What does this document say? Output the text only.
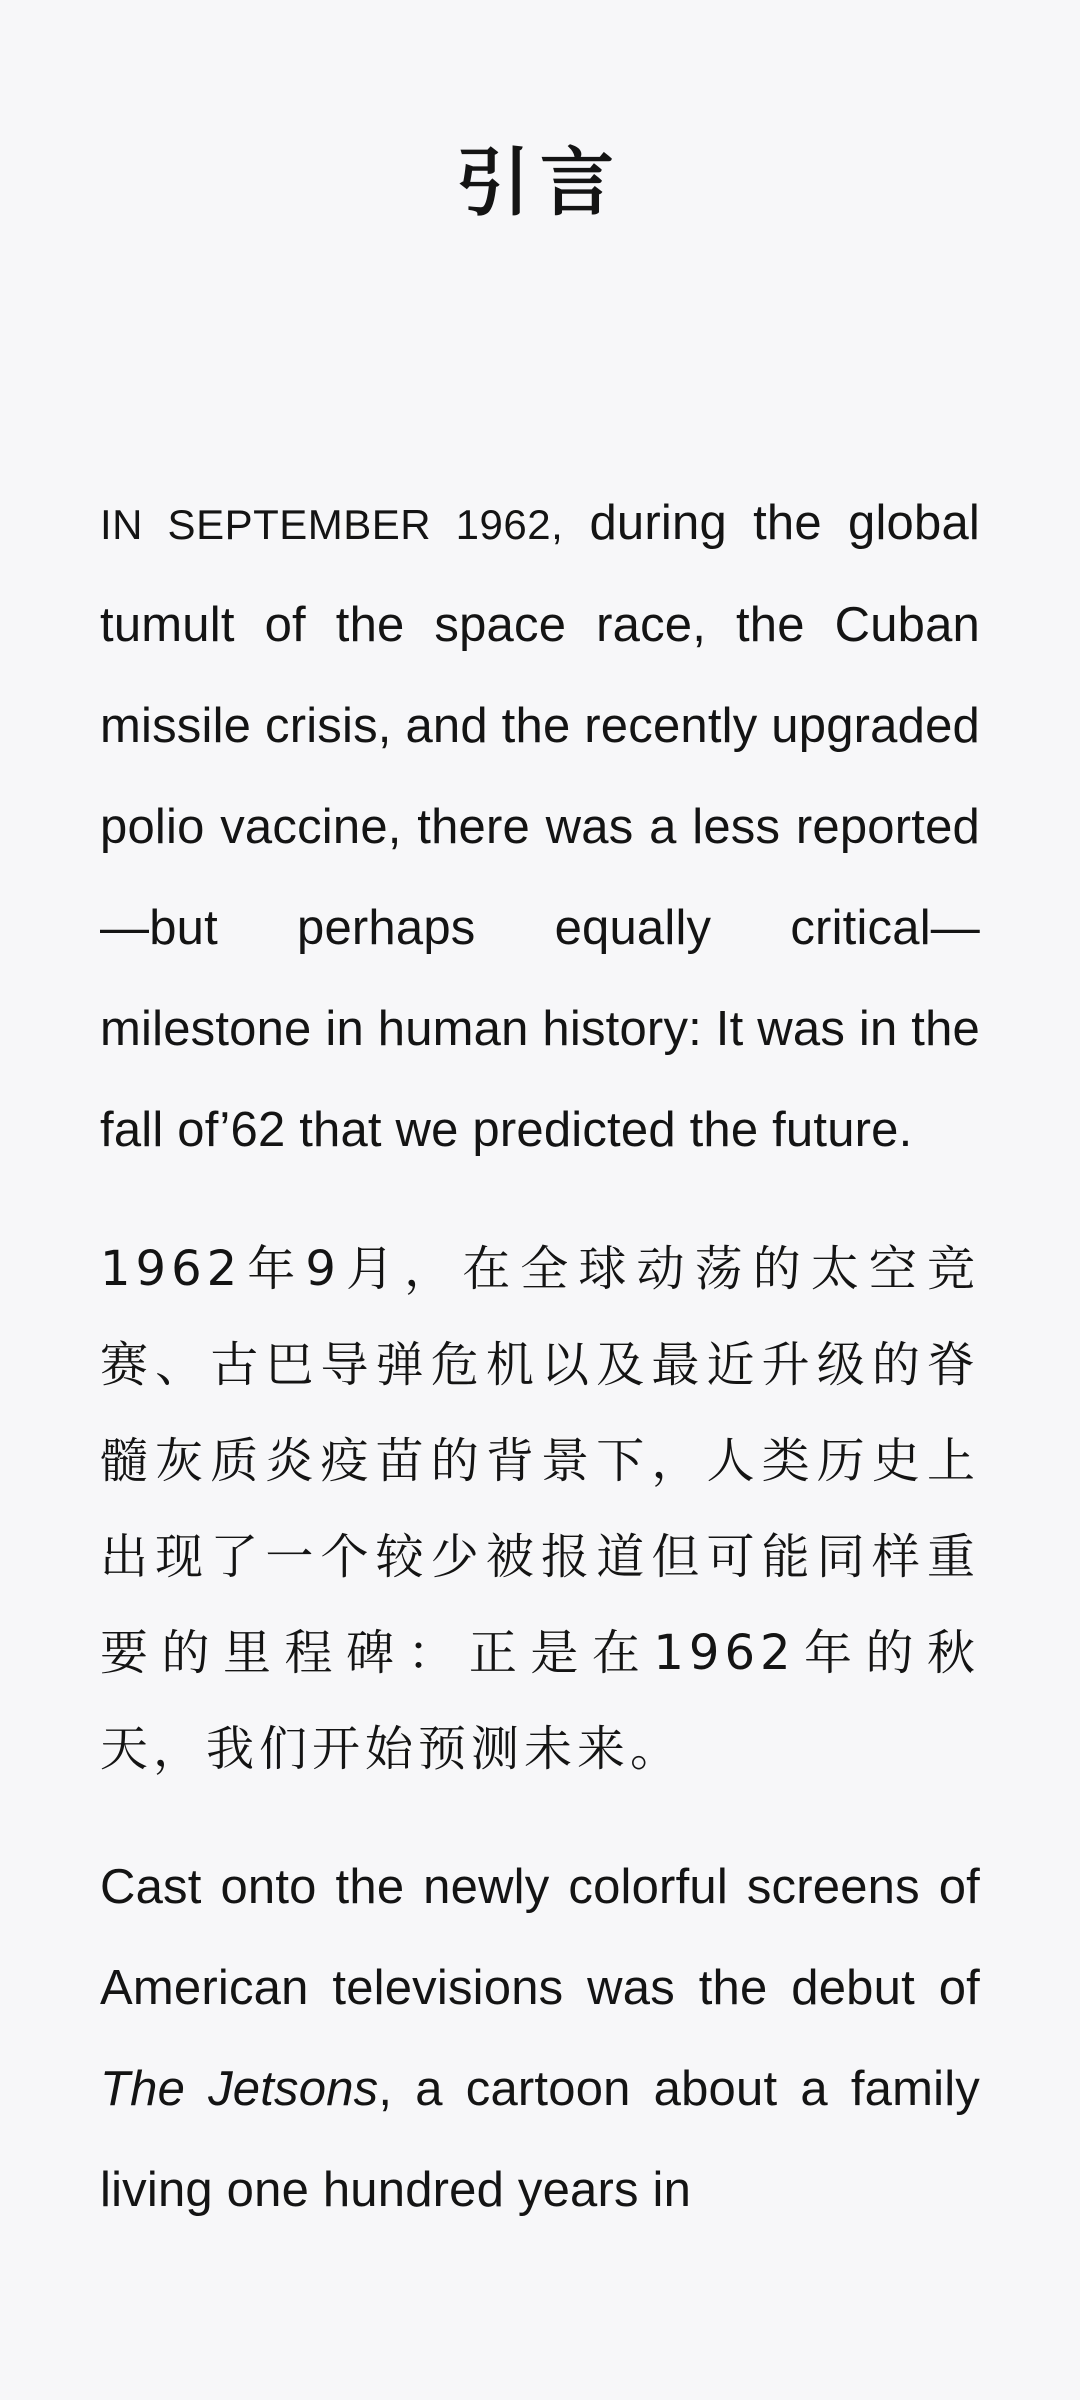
引言

IN SEPTEMBER 1962, during the global tumult of the space race, the Cuban missile crisis, and the recently upgraded polio vaccine, there was a less reported—but perhaps equally critical—milestone in human history: It was in the fall of’62 that we predicted the future.

1962年9月，在全球动荡的太空竞赛、古巴导弹危机以及最近升级的脊髓灰质炎疫苗的背景下，人类历史上出现了一个较少被报道但可能同样重要的里程碑：正是在1962年的秋天，我们开始预测未来。

Cast onto the newly colorful screens of American televisions was the debut of The Jetsons, a cartoon about a family living one hundred years in
